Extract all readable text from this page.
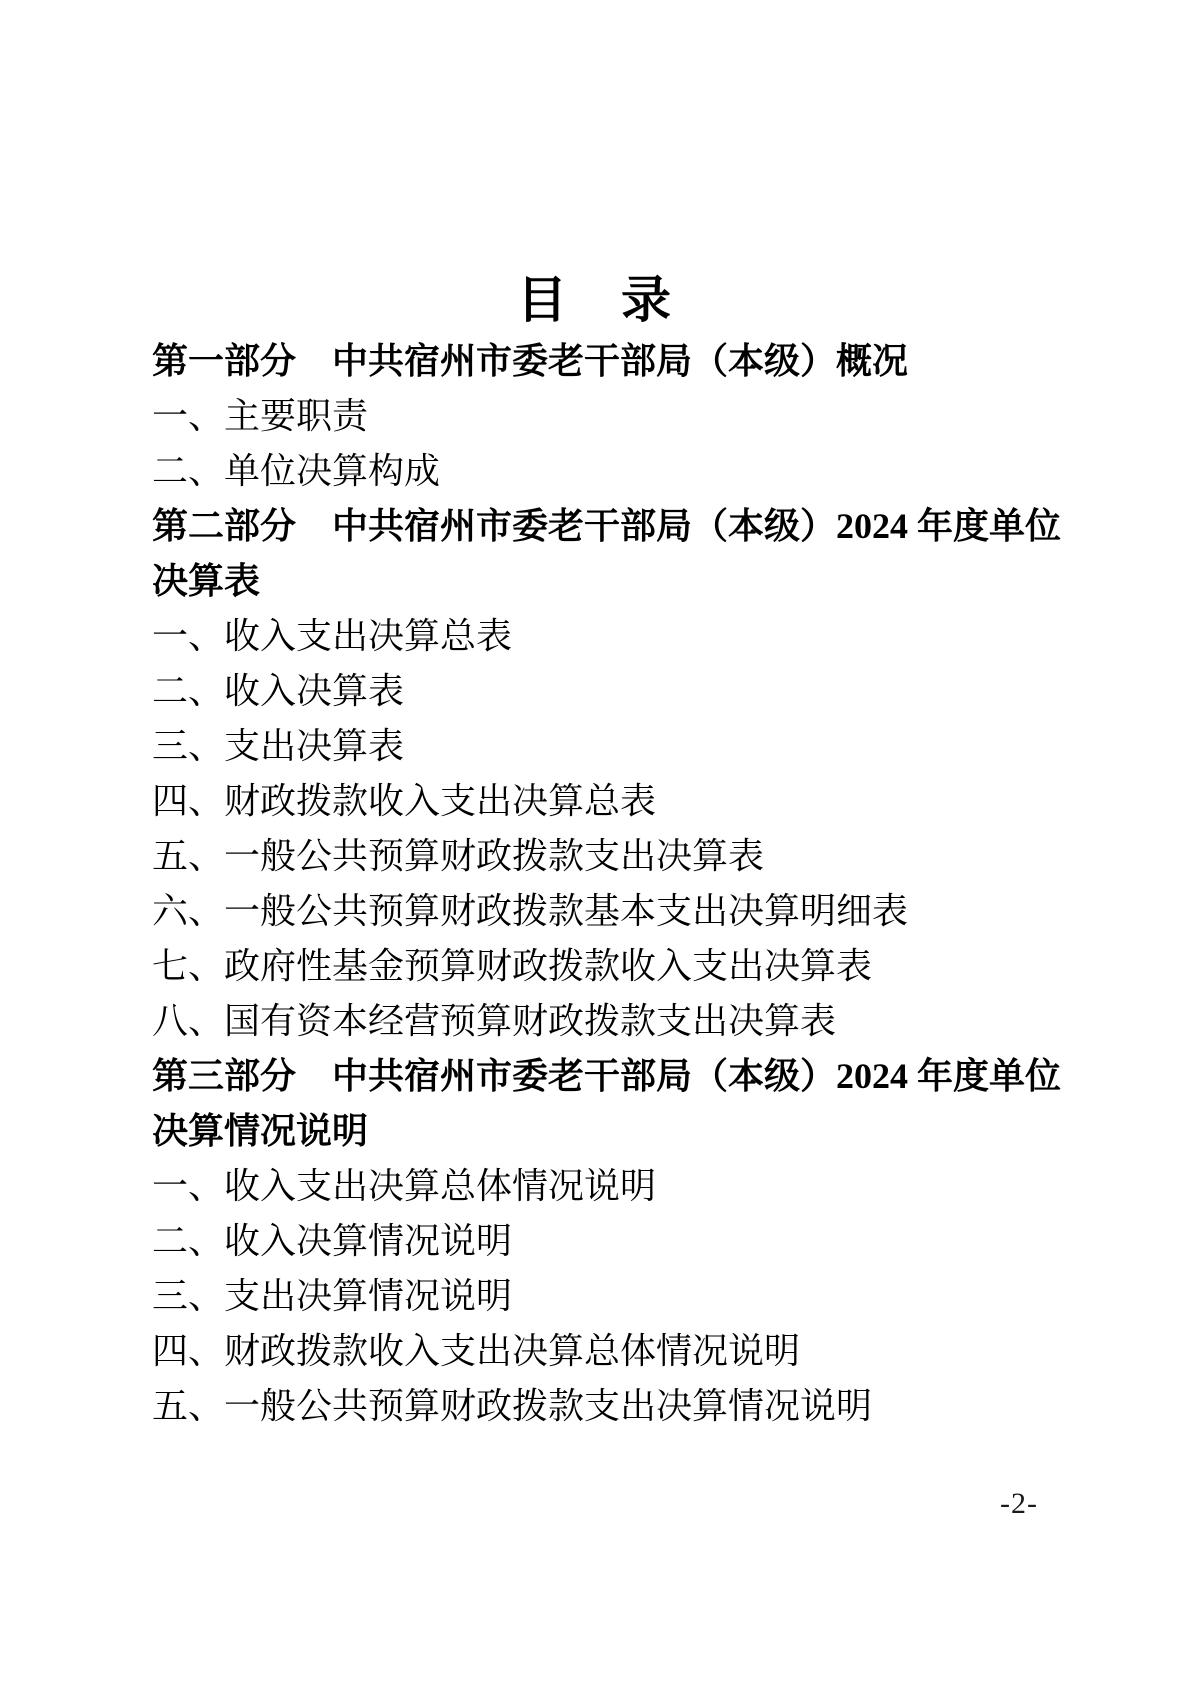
目　录
第一部分　中共宿州市委老干部局（本级）概况
一、主要职责
二、单位决算构成
第二部分　中共宿州市委老干部局（本级）2024 年度单位
决算表
一、收入支出决算总表
二、收入决算表
三、支出决算表
四、财政拨款收入支出决算总表
五、一般公共预算财政拨款支出决算表
六、一般公共预算财政拨款基本支出决算明细表
七、政府性基金预算财政拨款收入支出决算表
八、国有资本经营预算财政拨款支出决算表
第三部分　中共宿州市委老干部局（本级）2024 年度单位
决算情况说明
一、收入支出决算总体情况说明
二、收入决算情况说明
三、支出决算情况说明
四、财政拨款收入支出决算总体情况说明
五、一般公共预算财政拨款支出决算情况说明
-2-
